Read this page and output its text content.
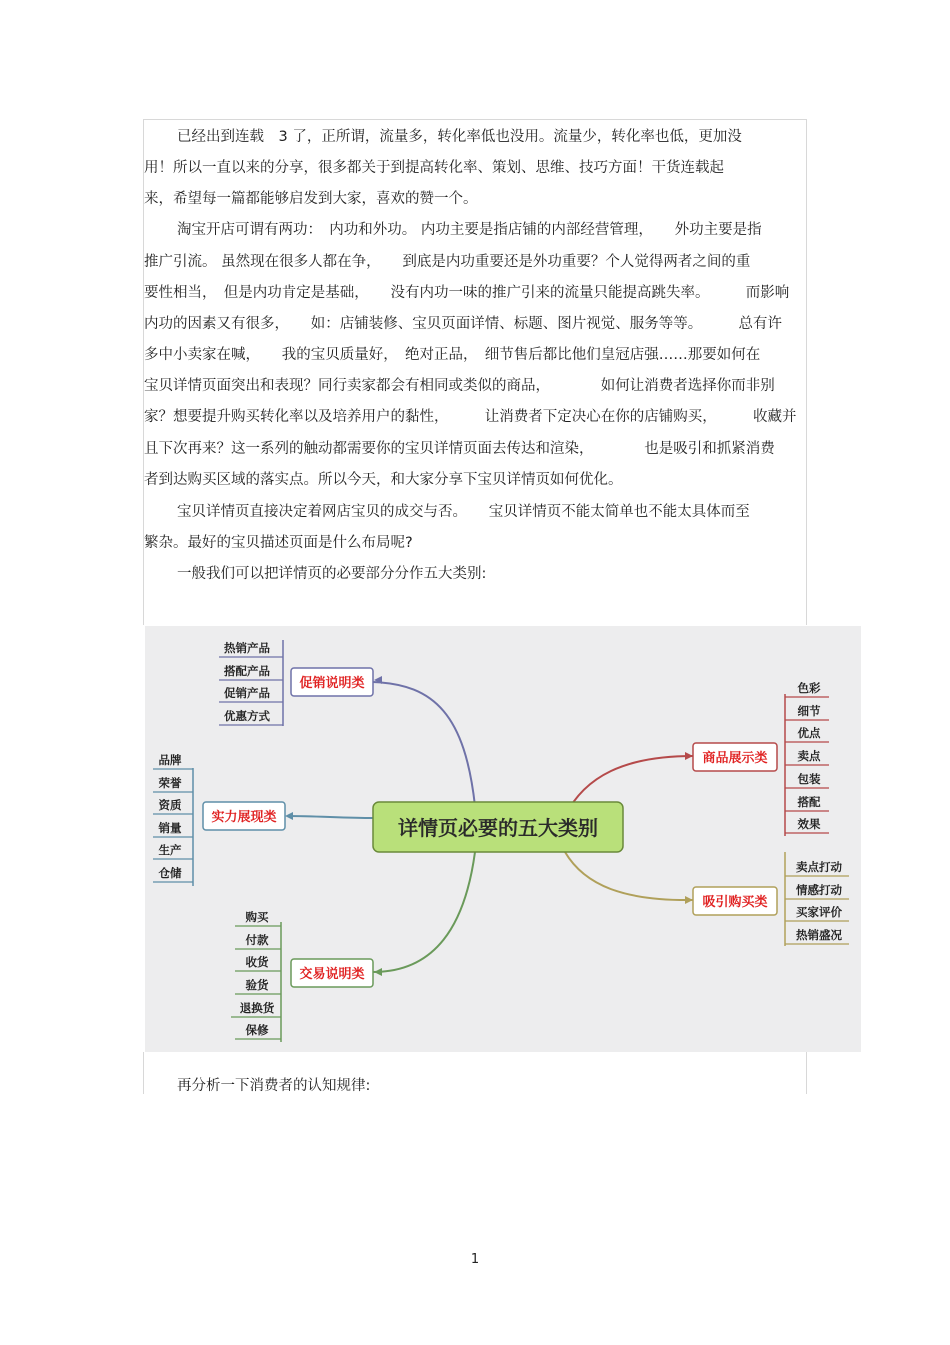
已经出到连载　3 了，正所谓，流量多，转化率低也没用。流量少，转化率也低，更加没
用！所以一直以来的分享，很多都关于到提高转化率、策划、思维、技巧方面！干货连载起
来，希望每一篇都能够启发到大家，喜欢的赞一个。
淘宝开店可谓有两功：　内功和外功。 内功主要是指店铺的内部经营管理，　　外功主要是指
推广引流。 虽然现在很多人都在争，　　到底是内功重要还是外功重要？个人觉得两者之间的重
要性相当，　但是内功肯定是基础，　　没有内功一味的推广引来的流量只能提高跳失率。　　　而影响
内功的因素又有很多，　　如：店铺装修、宝贝页面详情、标题、图片视觉、服务等等。　　　总有许
多中小卖家在喊，　　我的宝贝质量好，　绝对正品，　细节售后都比他们皇冠店强……那要如何在
宝贝详情页面突出和表现？同行卖家都会有相同或类似的商品，　　　　如何让消费者选择你而非别
家？想要提升购买转化率以及培养用户的黏性，　　　让消费者下定决心在你的店铺购买，　　　收藏并
且下次再来？这一系列的触动都需要你的宝贝详情页面去传达和渲染，　　　　也是吸引和抓紧消费
者到达购买区域的落实点。所以今天，和大家分享下宝贝详情页如何优化。
宝贝详情页直接决定着网店宝贝的成交与否。　　宝贝详情页不能太简单也不能太具体而至
繁杂。最好的宝贝描述页面是什么布局呢?
一般我们可以把详情页的必要部分分作五大类别:
详情页必要的五大类别
促销说明类
热销产品
搭配产品
促销产品
优惠方式
商品展示类
色彩
细节
优点
卖点
包装
搭配
效果
实力展现类
品牌
荣誉
资质
销量
生产
仓储
吸引购买类
卖点打动
情感打动
买家评价
热销盛况
交易说明类
购买
付款
收货
验货
退换货
保修
再分析一下消费者的认知规律:
1
